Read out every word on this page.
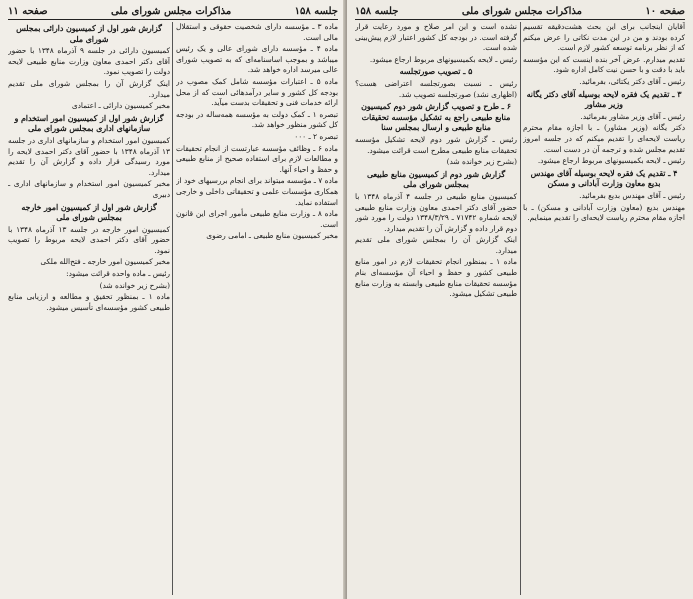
جلسه ۱۵۸
مذاکرات مجلس شورای ملی
صفحه ۱۱

ماده ۳ ـ مؤسسه دارای شخصیت حقوقی و استقلال مالی است.

ماده ۴ ـ مؤسسه دارای شورای عالی و یک رئیس میباشد و بموجب اساسنامه‌ای که به تصویب شورای عالی میرسد اداره خواهد شد.

ماده ۵ ـ اعتبارات مؤسسه شامل کمک مصوب در بودجه کل کشور و سایر درآمدهائی است که از محل ارائه خدمات فنی و تحقیقات بدست میآید.

تبصره ۱ ـ کمک دولت به مؤسسه همه‌ساله در بودجه کل کشور منظور خواهد شد.

تبصره ۲ ـ ۰۰۰

ماده ۶ ـ وظائف مؤسسه عبارتست از انجام تحقیقات و مطالعات لازم برای استفاده صحیح از منابع طبیعی و حفظ و احیاء آنها.

ماده ۷ ـ مؤسسه میتواند برای انجام بررسیهای خود از همکاری مؤسسات علمی و تحقیقاتی داخلی و خارجی استفاده نماید.

ماده ۸ ـ وزارت منابع طبیعی مأمور اجرای این قانون است.

مخبر کمیسیون منابع طبیعی ـ امامی رضوی

گزارش شور اول از کمیسیون دارائی بمجلس شورای ملی

کمیسیون دارائی در جلسه ۹ آذرماه ۱۳۴۸ با حضور آقای دکتر احمدی معاون وزارت منابع طبیعی لایحه دولت را تصویب نمود.

اینک گزارش آن را بمجلس شورای ملی تقدیم میدارد.

مخبر کمیسیون دارائی ـ اعتمادی

گزارش شور اول از کمیسیون امور استخدام و سازمانهای اداری بمجلس شورای ملی

کمیسیون امور استخدام و سازمانهای اداری در جلسه ۱۳ آذرماه ۱۳۴۸ با حضور آقای دکتر احمدی لایحه را مورد رسیدگی قرار داده و گزارش آن را تقدیم میدارد.

مخبر کمیسیون امور استخدام و سازمانهای اداری ـ دبیری

گزارش شور اول از کمیسیون امور خارجه بمجلس شورای ملی

کمیسیون امور خارجه در جلسه ۱۳ آذرماه ۱۳۴۸ با حضور آقای دکتر احمدی لایحه مربوط را تصویب نمود.

مخبر کمیسیون امور خارجه ـ فتح‌الله ملکی

رئیس ـ ماده واحده قرائت میشود:

(بشرح زیر خوانده شد)

ماده ۱ ـ بمنظور تحقیق و مطالعه و ارزیابی منابع طبیعی کشور مؤسسه‌ای تأسیس میشود.

صفحه ۱۰
مذاکرات مجلس شورای ملی
جلسه ۱۵۸

آقایان اینجانب برای این بحث هشت‌دقیقه تقسیم کرده بودند و من در این مدت نکاتی را عرض میکنم که از نظر برنامه توسعه کشور لازم است.

تقدیم میدارم. عرض آخر بنده اینست که این مؤسسه باید با دقت و با حسن نیت کامل اداره شود.

رئیس ـ آقای دکتر یکتائی، بفرمائید.

۳ ـ تقدیم یک فقره لایحه بوسیله آقای دکتر یگانه وزیر مشاور

رئیس ـ آقای وزیر مشاور بفرمائید.

دکتر یگانه (وزیر مشاور) ـ با اجازه مقام محترم ریاست لایحه‌ای را تقدیم میکنم که در جلسه امروز تقدیم مجلس شده و ترجمه آن در دست است.

رئیس ـ لایحه بکمیسیونهای مربوط ارجاع میشود.

۴ ـ تقدیم یک فقره لایحه بوسیله آقای مهندس بدیع معاون وزارت آبادانی و مسکن

رئیس ـ آقای مهندس بدیع بفرمائید.

مهندس بدیع (معاون وزارت آبادانی و مسکن) ـ با اجازه مقام محترم ریاست لایحه‌ای را تقدیم مینمایم.

نشده است و این امر صلاح و مورد رعایت قرار گرفته است. در بودجه کل کشور اعتبار لازم پیش‌بینی شده است.

رئیس ـ لایحه بکمیسیونهای مربوط ارجاع میشود.

۵ ـ تصویب صورتجلسه

رئیس ـ نسبت بصورتجلسه اعتراضی هست؟ (اظهاری نشد) صورتجلسه تصویب شد.

۶ ـ طرح و تصویب گزارش شور دوم کمیسیون منابع طبیعی راجع به تشکیل مؤسسه تحقیقات منابع طبیعی و ارسال بمجلس سنا

رئیس ـ گزارش شور دوم لایحه تشکیل مؤسسه تحقیقات منابع طبیعی مطرح است قرائت میشود.

(بشرح زیر خوانده شد)

گزارش شور دوم از کمیسیون منابع طبیعی بمجلس شورای ملی

کمیسیون منابع طبیعی در جلسه ۴ آذرماه ۱۳۴۸ با حضور آقای دکتر احمدی معاون وزارت منابع طبیعی لایحه شماره ۷۱۷۴۲ ـ ۱۳۴۸/۳/۲۹ دولت را مورد شور دوم قرار داده و گزارش آن را تقدیم میدارد.

اینک گزارش آن را بمجلس شورای ملی تقدیم میدارد.

ماده ۱ ـ بمنظور انجام تحقیقات لازم در امور منابع طبیعی کشور و حفظ و احیاء آن مؤسسه‌ای بنام مؤسسه تحقیقات منابع طبیعی وابسته به وزارت منابع طبیعی تشکیل میشود.
